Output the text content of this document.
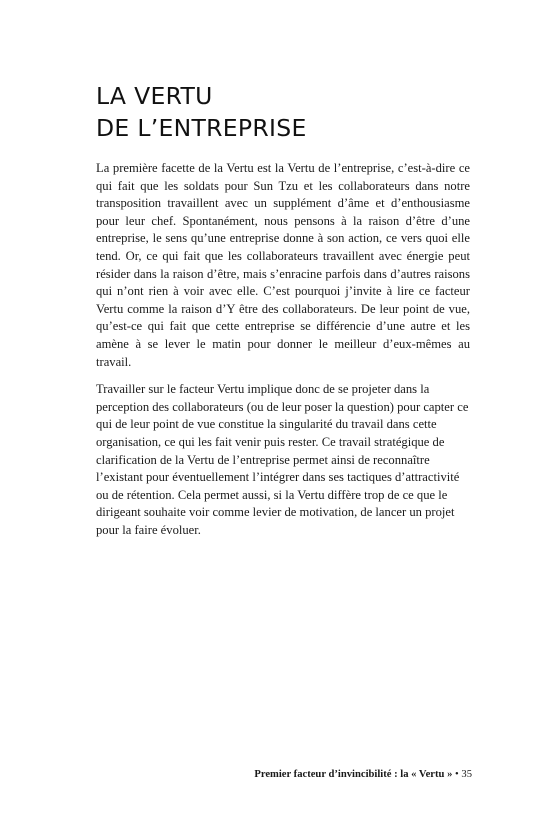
LA VERTU
DE L’ENTREPRISE

La première facette de la Vertu est la Vertu de l’entreprise, c’est-à-dire ce qui fait que les soldats pour Sun Tzu et les collaborateurs dans notre transposition travaillent avec un supplément d’âme et d’enthousiasme pour leur chef. Spontanément, nous pensons à la raison d’être d’une entreprise, le sens qu’une entreprise donne à son action, ce vers quoi elle tend. Or, ce qui fait que les collaborateurs travaillent avec énergie peut résider dans la raison d’être, mais s’enracine parfois dans d’autres raisons qui n’ont rien à voir avec elle. C’est pourquoi j’invite à lire ce facteur Vertu comme la raison d’Y être des collaborateurs. De leur point de vue, qu’est-ce qui fait que cette entreprise se différencie d’une autre et les amène à se lever le matin pour donner le meilleur d’eux-mêmes au travail.

Travailler sur le facteur Vertu implique donc de se projeter dans la perception des collaborateurs (ou de leur poser la question) pour capter ce qui de leur point de vue constitue la singularité du travail dans cette organisation, ce qui les fait venir puis rester. Ce travail stratégique de clarification de la Vertu de l’entreprise permet ainsi de reconnaître l’existant pour éventuellement l’intégrer dans ses tactiques d’attractivité ou de rétention. Cela permet aussi, si la Vertu diffère trop de ce que le dirigeant souhaite voir comme levier de motivation, de lancer un projet pour la faire évoluer.

Premier facteur d’invincibilité : la « Vertu » • 35
